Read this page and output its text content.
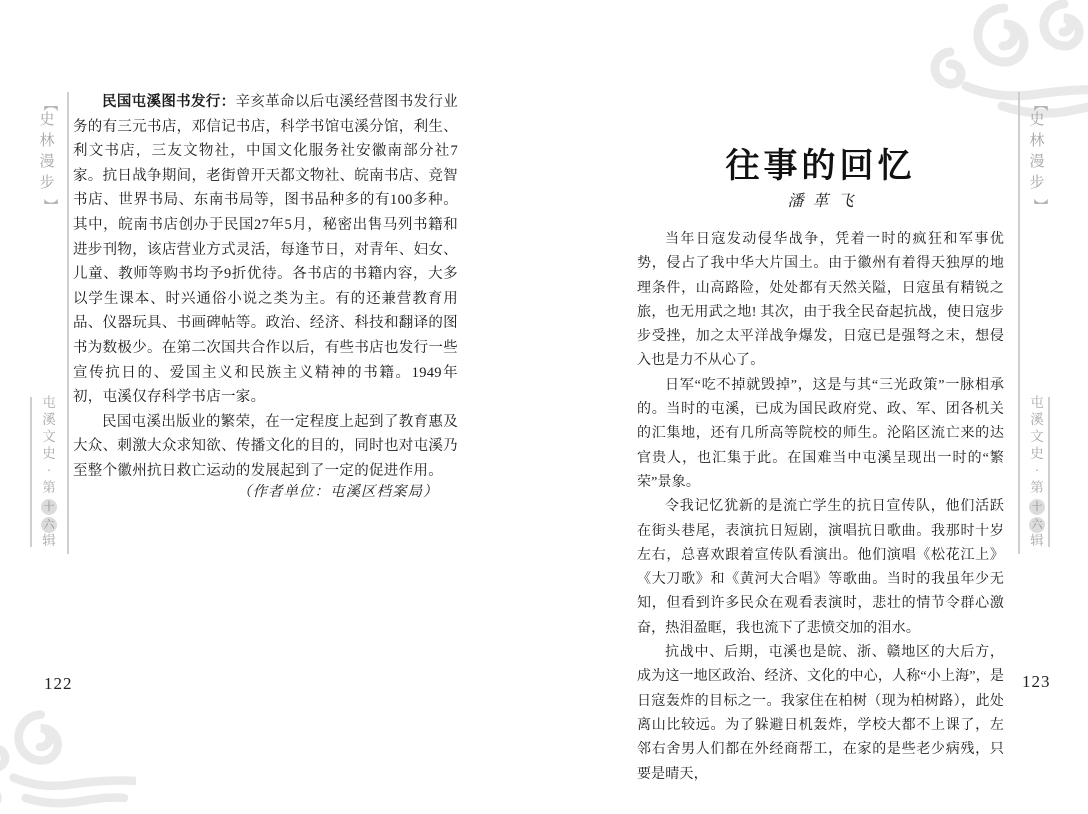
【
史
林
漫
步
】
屯
溪
文
史
·
第
十
六
辑
【
史
林
漫
步
】
屯
溪
文
史
·
第
十
六
辑

民国屯溪图书发行：辛亥革命以后屯溪经营图书发行业务的有三元书店，邓信记书店，科学书馆屯溪分馆，利生、利文书店，三友文物社，中国文化服务社安徽南部分社7家。抗日战争期间，老街曾开天都文物社、皖南书店、竞智书店、世界书局、东南书局等，图书品种多的有100多种。其中，皖南书店创办于民国27年5月，秘密出售马列书籍和进步刊物，该店营业方式灵活，每逢节日，对青年、妇女、儿童、教师等购书均予9折优待。各书店的书籍内容，大多以学生课本、时兴通俗小说之类为主。有的还兼营教育用品、仪器玩具、书画碑帖等。政治、经济、科技和翻译的图书为数极少。在第二次国共合作以后，有些书店也发行一些宣传抗日的、爱国主义和民族主义精神的书籍。1949年初，屯溪仅存科学书店一家。

民国屯溪出版业的繁荣，在一定程度上起到了教育惠及大众、刺激大众求知欲、传播文化的目的，同时也对屯溪乃至整个徽州抗日救亡运动的发展起到了一定的促进作用。

（作者单位：屯溪区档案局）
122
往事的回忆
潘革飞

当年日寇发动侵华战争，凭着一时的疯狂和军事优势，侵占了我中华大片国土。由于徽州有着得天独厚的地理条件，山高路险，处处都有天然关隘，日寇虽有精锐之旅，也无用武之地! 其次，由于我全民奋起抗战，使日寇步步受挫，加之太平洋战争爆发，日寇已是强弩之末，想侵入也是力不从心了。

日军“吃不掉就毁掉”，这是与其“三光政策”一脉相承的。当时的屯溪，已成为国民政府党、政、军、团各机关的汇集地，还有几所高等院校的师生。沦陷区流亡来的达官贵人，也汇集于此。在国难当中屯溪呈现出一时的“繁荣”景象。

令我记忆犹新的是流亡学生的抗日宣传队，他们活跃在街头巷尾，表演抗日短剧，演唱抗日歌曲。我那时十岁左右，总喜欢跟着宣传队看演出。他们演唱《松花江上》《大刀歌》和《黄河大合唱》等歌曲。当时的我虽年少无知，但看到许多民众在观看表演时，悲壮的情节令群心激奋，热泪盈眶，我也流下了悲愤交加的泪水。

抗战中、后期，屯溪也是皖、浙、赣地区的大后方，成为这一地区政治、经济、文化的中心，人称“小上海”，是日寇轰炸的目标之一。我家住在柏树（现为柏树路），此处离山比较远。为了躲避日机轰炸，学校大都不上课了，左邻右舍男人们都在外经商帮工，在家的是些老少病残，只要是晴天，

123
